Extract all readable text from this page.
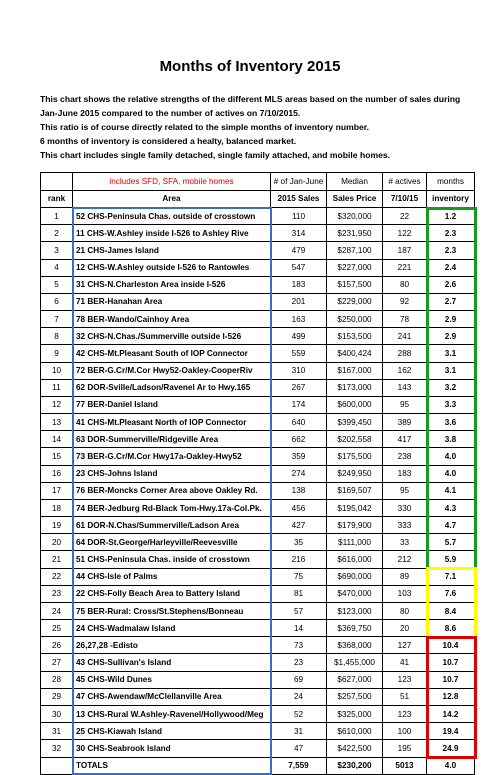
Months of Inventory 2015
This chart shows the relative strengths of the different MLS areas based on the number of sales during
Jan-June 2015 compared to the number of actives on 7/10/2015.
This ratio is of course directly related to the simple months of inventory number.
6 months of inventory is considered a healty, balanced market.
This chart includes single family detached, single family attached, and mobile homes.
	includes SFD, SFA, mobile homes	# of Jan-June	Median	# actives	months
rank	Area	2015 Sales	Sales Price	7/10/15	inventory
1	52 CHS-Peninsula Chas. outside of crosstown	110	$320,000	22	1.2
2	11 CHS-W.Ashley inside I-526 to Ashley Rive	314	$231,950	122	2.3
3	21 CHS-James Island	479	$287,100	187	2.3
4	12 CHS-W.Ashley outside I-526 to Rantowles	547	$227,000	221	2.4
5	31 CHS-N.Charleston Area inside I-526	183	$157,500	80	2.6
6	71 BER-Hanahan Area	201	$229,000	92	2.7
7	78 BER-Wando/Cainhoy Area	163	$250,000	78	2.9
8	32 CHS-N.Chas./Summerville outside I-526	499	$153,500	241	2.9
9	42 CHS-Mt.Pleasant South of IOP Connector	559	$400,424	288	3.1
10	72 BER-G.Cr/M.Cor Hwy52-Oakley-CooperRiv	310	$167,000	162	3.1
11	62 DOR-Sville/Ladson/Ravenel Ar to Hwy.165	267	$173,000	143	3.2
12	77 BER-Daniel Island	174	$600,000	95	3.3
13	41 CHS-Mt.Pleasant North of IOP Connector	640	$399,450	389	3.6
14	63 DOR-Summerville/Ridgeville Area	662	$202,558	417	3.8
15	73 BER-G.Cr/M.Cor Hwy17a-Oakley-Hwy52	359	$175,500	238	4.0
16	23 CHS-Johns Island	274	$249,950	183	4.0
17	76 BER-Moncks Corner Area above Oakley Rd.	138	$169,507	95	4.1
18	74 BER-Jedburg Rd-Black Tom-Hwy.17a-Col.Pk.	456	$195,042	330	4.3
19	61 DOR-N.Chas/Summerville/Ladson Area	427	$179,900	333	4.7
20	64 DOR-St.George/Harleyville/Reevesville	35	$111,000	33	5.7
21	51 CHS-Peninsula Chas. inside of crosstown	216	$616,000	212	5.9
22	44 CHS-Isle of Palms	75	$690,000	89	7.1
23	22 CHS-Folly Beach Area to Battery Island	81	$470,000	103	7.6
24	75 BER-Rural: Cross/St.Stephens/Bonneau	57	$123,000	80	8.4
25	24 CHS-Wadmalaw Island	14	$369,750	20	8.6
26	26,27,28 -Edisto	73	$368,000	127	10.4
27	43 CHS-Sullivan's Island	23	$1,455,000	41	10.7
28	45 CHS-Wild Dunes	69	$627,000	123	10.7
29	47 CHS-Awendaw/McClellanville Area	24	$257,500	51	12.8
30	13 CHS-Rural W.Ashley-Ravenel/Hollywood/Meg	52	$325,000	123	14.2
31	25 CHS-Kiawah Island	31	$610,000	100	19.4
32	30 CHS-Seabrook Island	47	$422,500	195	24.9
	TOTALS	7,559	$230,200	5013	4.0
